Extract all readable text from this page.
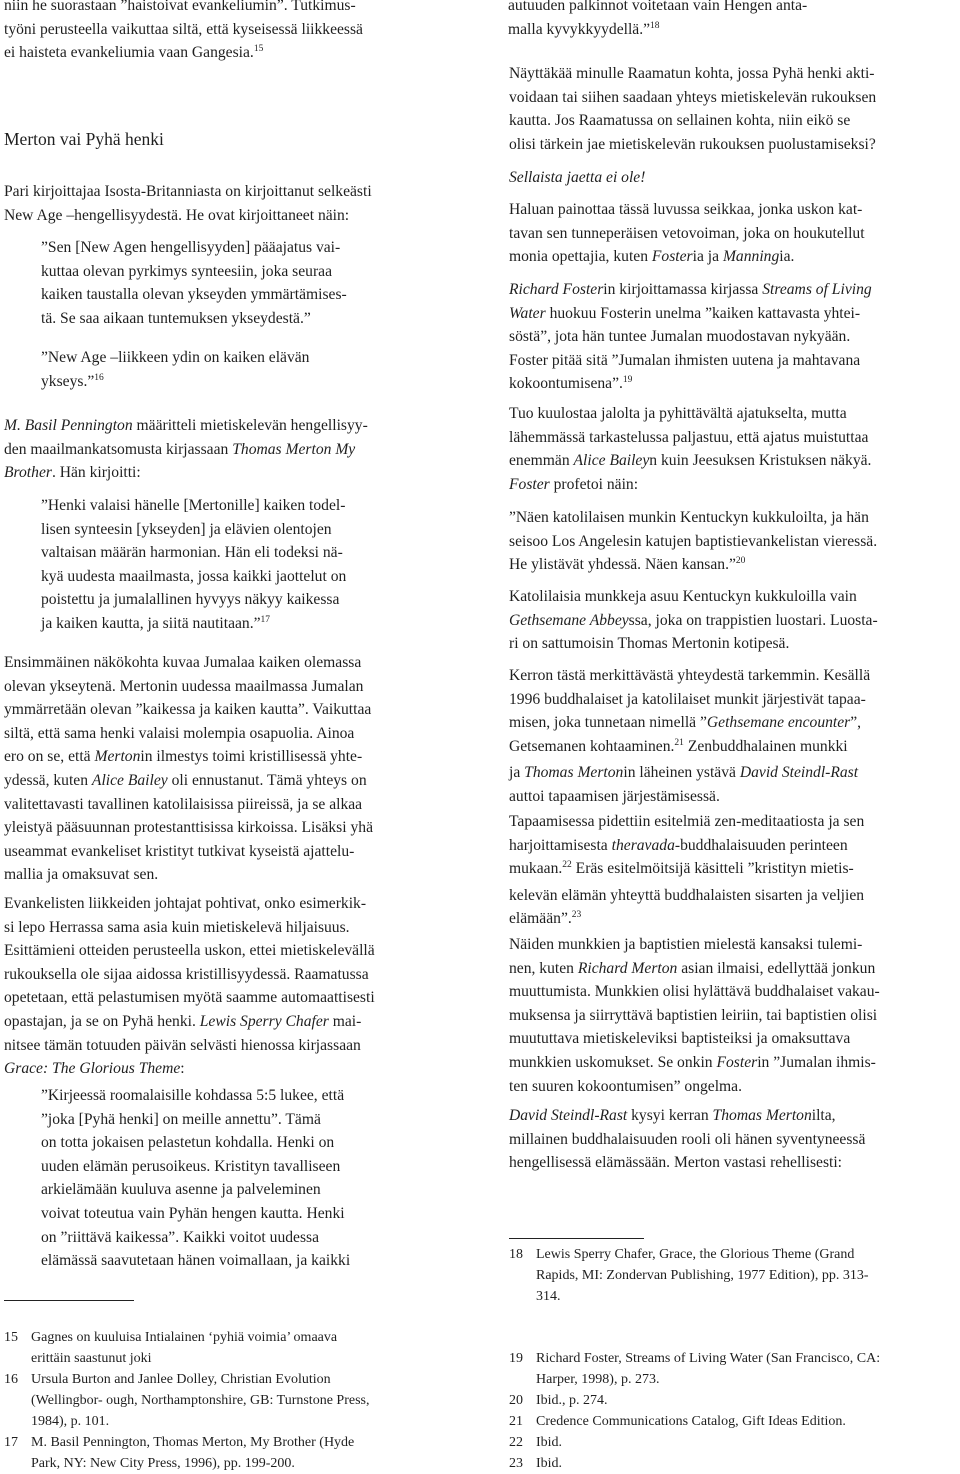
niin he suorastaan ”haistoivat evankeliumin”. Tutkimus-
työni perusteella vaikuttaa siltä, että kyseisessä liikkeessä
ei haisteta evankeliumia vaan Gangesia.$^{15}$

Merton vai Pyhä henki

Pari kirjoittajaa Isosta-Britanniasta on kirjoittanut selkeästi
New Age –hengellisyydestä. He ovat kirjoittaneet näin:

”Sen [New Agen hengellisyyden] pääajatus vai-
kuttaa olevan pyrkimys synteesiin, joka seuraa
kaiken taustalla olevan ykseyden ymmärtämises-
tä. Se saa aikaan tuntemuksen ykseydestä.”

”New Age –liikkeen ydin on kaiken elävän
ykseys.”$^{16}$

M. Basil Pennington määritteli mietiskelevän hengellisyy-
den maailmankatsomusta kirjassaan Thomas Merton My
Brother. Hän kirjoitti:

”Henki valaisi hänelle [Mertonille] kaiken todel-
lisen synteesin [ykseyden] ja elävien olentojen
valtaisan määrän harmonian. Hän eli todeksi nä-
kyä uudesta maailmasta, jossa kaikki jaottelut on
poistettu ja jumalallinen hyvyys näkyy kaikessa
ja kaiken kautta, ja siitä nautitaan.”$^{17}$

Ensimmäinen näkökohta kuvaa Jumalaa kaiken olemassa
olevan ykseytenä. Mertonin uudessa maailmassa Jumalan
ymmärretään olevan ”kaikessa ja kaiken kautta”. Vaikuttaa
siltä, että sama henki valaisi molempia osapuolia. Ainoa
ero on se, että Mertonin ilmestys toimi kristillisessä yhte-
ydessä, kuten Alice Bailey oli ennustanut. Tämä yhteys on
valitettavasti tavallinen katolilaisissa piireissä, ja se alkaa
yleistyä pääsuunnan protestanttisissa kirkoissa. Lisäksi yhä
useammat evankeliset kristityt tutkivat kyseistä ajattelu-
mallia ja omaksuvat sen.

Evankelisten liikkeiden johtajat pohtivat, onko esimerkik-
si lepo Herrassa sama asia kuin mietiskelevä hiljaisuus.
Esittämieni otteiden perusteella uskon, ettei mietiskelevällä
rukouksella ole sijaa aidossa kristillisyydessä. Raamatussa
opetetaan, että pelastumisen myötä saamme automaattisesti
opastajan, ja se on Pyhä henki. Lewis Sperry Chafer mai-
nitsee tämän totuuden päivän selvästi hienossa kirjassaan
Grace: The Glorious Theme:

”Kirjeessä roomalaisille kohdassa 5:5 lukee, että
”joka [Pyhä henki] on meille annettu”. Tämä
on totta jokaisen pelastetun kohdalla. Henki on
uuden elämän perusoikeus. Kristityn tavalliseen
arkielämään kuuluva asenne ja palveleminen
voivat toteutua vain Pyhän hengen kautta. Henki
on ”riittävä kaikessa”. Kaikki voitot uudessa
elämässä saavutetaan hänen voimallaan, ja kaikki

15 Gagnes on kuuluisa Intialainen ‘pyhiä voimia’ omaava
erittäin saastunut joki
16 Ursula Burton and Janlee Dolley, Christian Evolution
(Wellingbor- ough, Northamptonshire, GB: Turnstone Press,
1984), p. 101.
17 M. Basil Pennington, Thomas Merton, My Brother (Hyde
Park, NY: New City Press, 1996), pp. 199-200.

autuuden palkinnot voitetaan vain Hengen anta-
malla kyvykkyydellä.”$^{18}$

Näyttäkää minulle Raamatun kohta, jossa Pyhä henki akti-
voidaan tai siihen saadaan yhteys mietiskelevän rukouksen
kautta. Jos Raamatussa on sellainen kohta, niin eikö se
olisi tärkein jae mietiskelevän rukouksen puolustamiseksi?

Sellaista jaetta ei ole!

Haluan painottaa tässä luvussa seikkaa, jonka uskon kat-
tavan sen tunneperäisen vetovoiman, joka on houkutellut
monia opettajia, kuten Fosteria ja Manningia.

Richard Fosterin kirjoittamassa kirjassa Streams of Living
Water huokuu Fosterin unelma ”kaiken kattavasta yhtei-
söstä”, jota hän tuntee Jumalan muodostavan nykyään.
Foster pitää sitä ”Jumalan ihmisten uutena ja mahtavana
kokoontumisena”.$^{19}$

Tuo kuulostaa jalolta ja pyhittävältä ajatukselta, mutta
lähemmässä tarkastelussa paljastuu, että ajatus muistuttaa
enemmän Alice Baileyn kuin Jeesuksen Kristuksen näkyä.
Foster profetoi näin:

”Näen katolilaisen munkin Kentuckyn kukkuloilta, ja hän
seisoo Los Angelesin katujen baptistievankelistan vieressä.
He ylistävät yhdessä. Näen kansan.”$^{20}$

Katolilaisia munkkeja asuu Kentuckyn kukkuloilla vain
Gethsemane Abbeyssa, joka on trappistien luostari. Luosta-
ri on sattumoisin Thomas Mertonin kotipesä.

Kerron tästä merkittävästä yhteydestä tarkemmin. Kesällä
1996 buddhalaiset ja katolilaiset munkit järjestivät tapaa-
misen, joka tunnetaan nimellä ”Gethsemane encounter”,
Getsemanen kohtaaminen.$^{21}$ Zenbuddhalainen munkki
ja Thomas Mertonin läheinen ystävä David Steindl-Rast
auttoi tapaamisen järjestämisessä.

Tapaamisessa pidettiin esitelmiä zen-meditaatiosta ja sen
harjoittamisesta theravada-buddhalaisuuden perinteen
mukaan.$^{22}$ Eräs esitelmöitsijä käsitteli ”kristityn mietis-
kelevän elämän yhteyttä buddhalaisten sisarten ja veljien
elämään”.$^{23}$

Näiden munkkien ja baptistien mielestä kansaksi tulemi-
nen, kuten Richard Merton asian ilmaisi, edellyttää jonkun
muuttumista. Munkkien olisi hylättävä buddhalaiset vakau-
muksensa ja siirryttävä baptistien leiriin, tai baptistien olisi
muututtava mietiskeleviksi baptisteiksi ja omaksuttava
munkkien uskomukset. Se onkin Fosterin ”Jumalan ihmis-
ten suuren kokoontumisen” ongelma.

David Steindl-Rast kysyi kerran Thomas Mertonilta,
millainen buddhalaisuuden rooli oli hänen syventyneessä
hengellisessä elämässään. Merton vastasi rehellisesti:

18 Lewis Sperry Chafer, Grace, the Glorious Theme (Grand
Rapids, MI: Zondervan Publishing, 1977 Edition), pp. 313-
314.
19 Richard Foster, Streams of Living Water (San Francisco, CA:
Harper, 1998), p. 273.
20 Ibid., p. 274.
21 Credence Communications Catalog, Gift Ideas Edition.
22 Ibid.
23 Ibid.
